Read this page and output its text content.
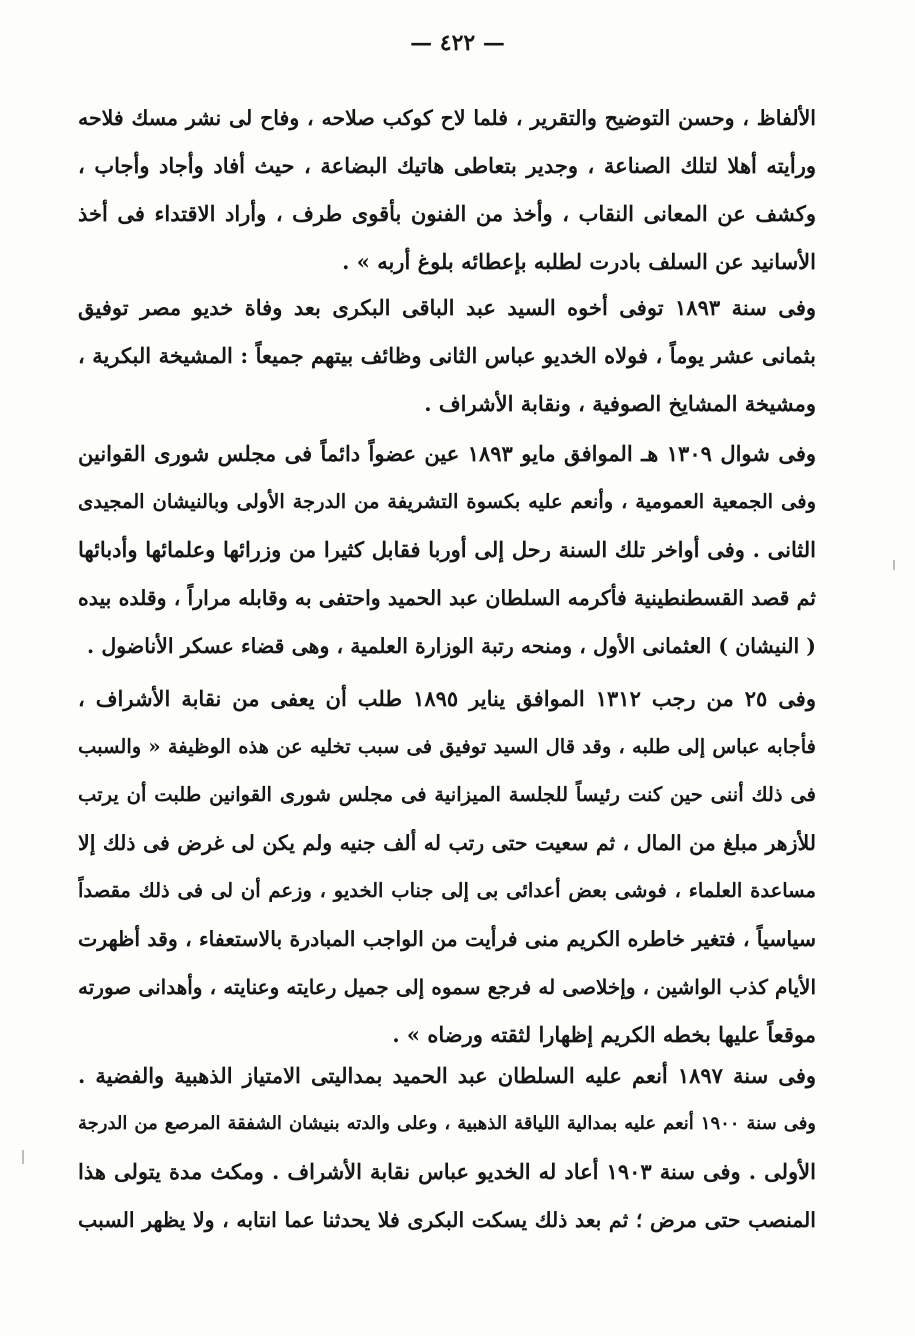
— ٤٢٢ —
الألفاظ ، وحسن التوضيح والتقرير ، فلما لاح كوكب صلاحه ، وفاح لى نشر مسك فلاحه
ورأيته أهلا لتلك الصناعة ، وجدير بتعاطى هاتيك البضاعة ، حيث أفاد وأجاد وأجاب ،
وكشف عن المعانى النقاب ، وأخذ من الفنون بأقوى طرف ، وأراد الاقتداء فى أخذ
الأسانيد عن السلف بادرت لطلبه بإعطائه بلوغ أربه » .
وفى سنة ١٨٩٣ توفى أخوه السيد عبد الباقى البكرى بعد وفاة خديو مصر توفيق
بثمانى عشر يوماً ، فولاه الخديو عباس الثانى وظائف بيتهم جميعاً : المشيخة البكرية ،
ومشيخة المشايخ الصوفية ، ونقابة الأشراف .
وفى شوال ١٣٠٩ هـ الموافق مايو ١٨٩٣ عين عضواً دائماً فى مجلس شورى القوانين
وفى الجمعية العمومية ، وأنعم عليه بكسوة التشريفة من الدرجة الأولى وبالنيشان المجيدى
الثانى . وفى أواخر تلك السنة رحل إلى أوربا فقابل كثيرا من وزرائها وعلمائها وأدبائها
ثم قصد القسطنطينية فأكرمه السلطان عبد الحميد واحتفى به وقابله مراراً ، وقلده بيده
( النيشان ) العثمانى الأول ، ومنحه رتبة الوزارة العلمية ، وهى قضاء عسكر الأناضول .
وفى ٢٥ من رجب ١٣١٢ الموافق يناير ١٨٩٥ طلب أن يعفى من نقابة الأشراف ،
فأجابه عباس إلى طلبه ، وقد قال السيد توفيق فى سبب تخليه عن هذه الوظيفة « والسبب
فى ذلك أننى حين كنت رئيساً للجلسة الميزانية فى مجلس شورى القوانين طلبت أن يرتب
للأزهر مبلغ من المال ، ثم سعيت حتى رتب له ألف جنيه ولم يكن لى غرض فى ذلك إلا
مساعدة العلماء ، فوشى بعض أعدائى بى إلى جناب الخديو ، وزعم أن لى فى ذلك مقصداً
سياسياً ، فتغير خاطره الكريم منى فرأيت من الواجب المبادرة بالاستعفاء ، وقد أظهرت
الأيام كذب الواشين ، وإخلاصى له فرجع سموه إلى جميل رعايته وعنايته ، وأهدانى صورته
موقعاً عليها بخطه الكريم إظهارا لثقته ورضاه » .
وفى سنة ١٨٩٧ أنعم عليه السلطان عبد الحميد بمداليتى الامتياز الذهبية والفضية .
وفى سنة ١٩٠٠ أنعم عليه بمدالية اللياقة الذهبية ، وعلى والدته بنيشان الشفقة المرصع من الدرجة
الأولى . وفى سنة ١٩٠٣ أعاد له الخديو عباس نقابة الأشراف . ومكث مدة يتولى هذا
المنصب حتى مرض ؛ ثم بعد ذلك يسكت البكرى فلا يحدثنا عما انتابه ، ولا يظهر السبب
